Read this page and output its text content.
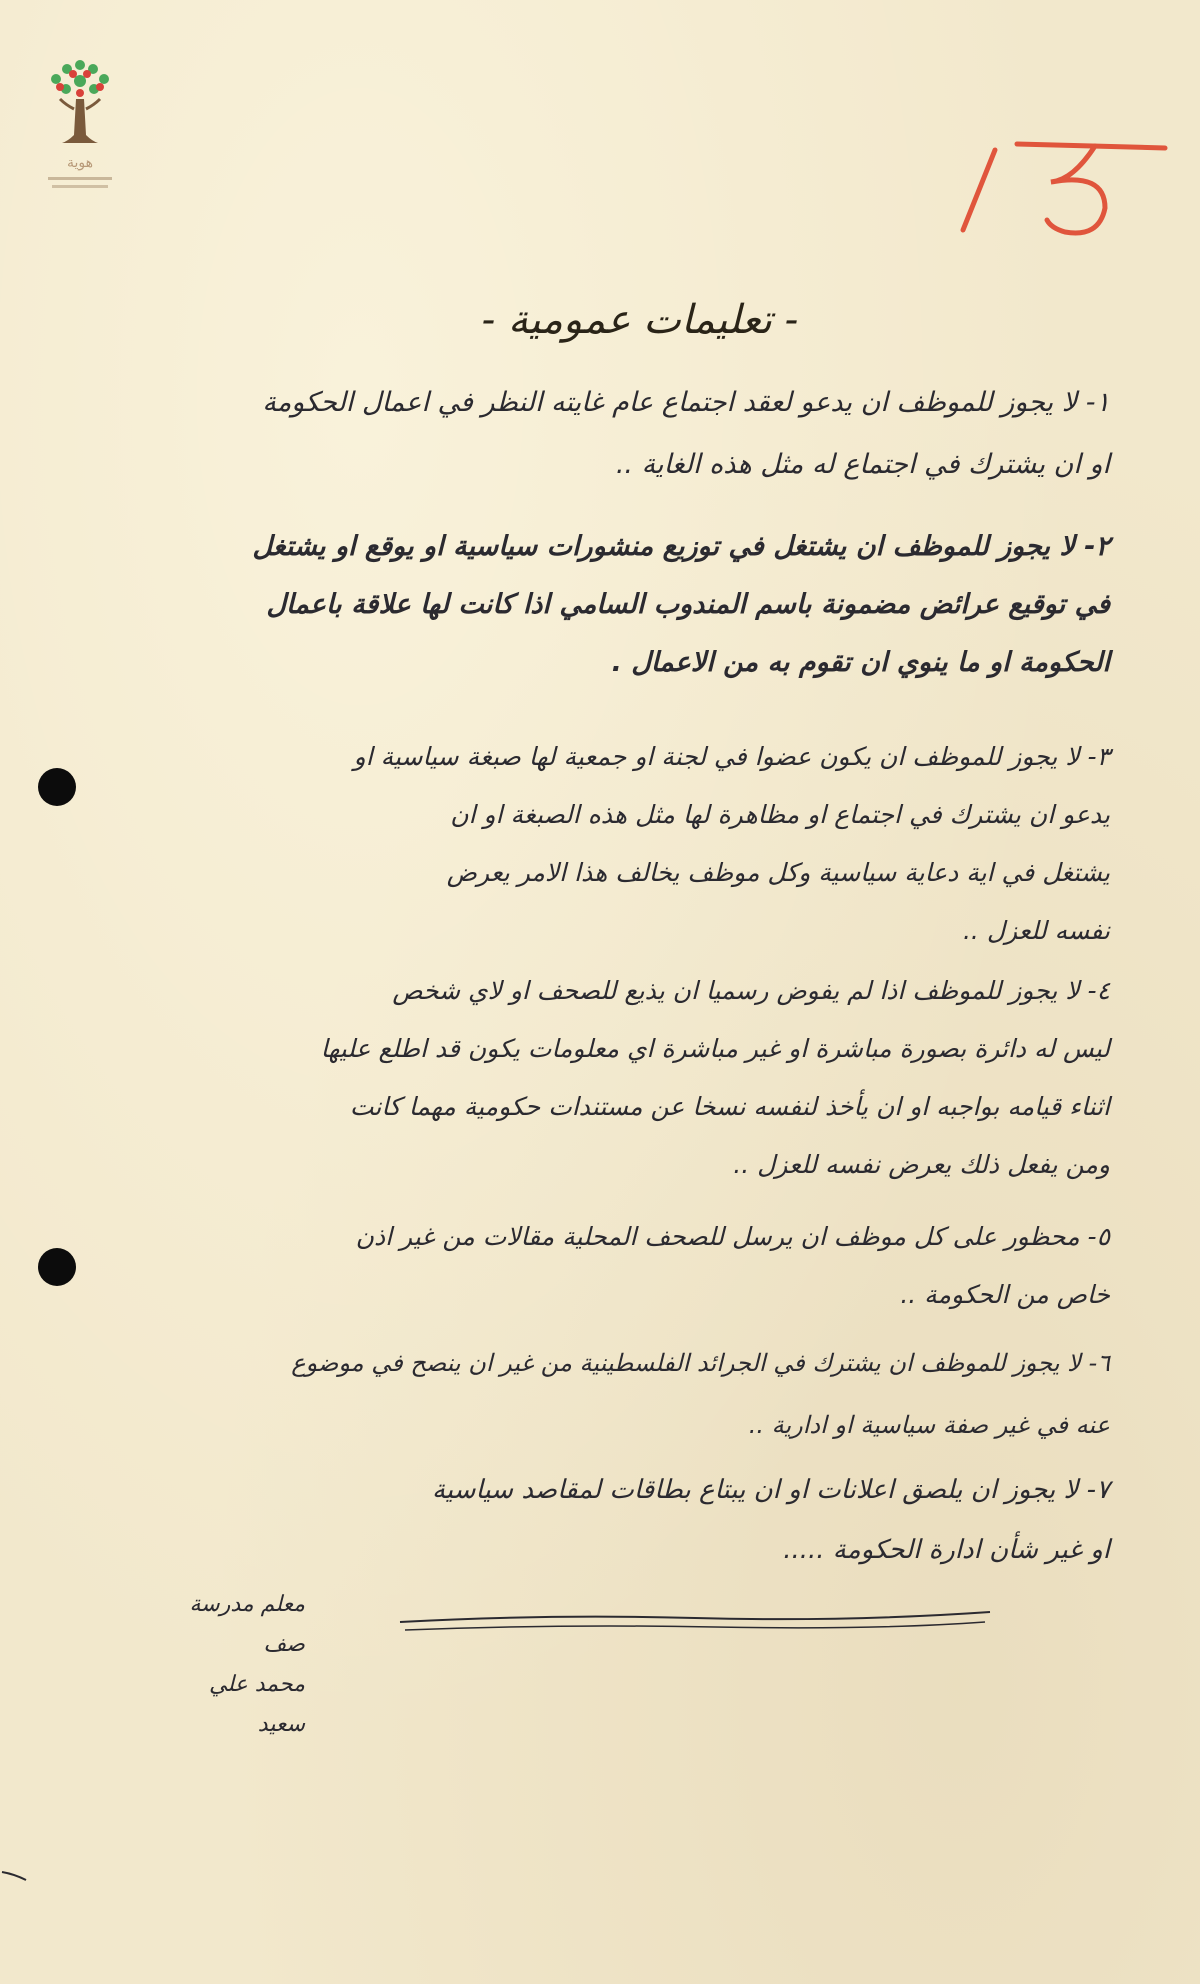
هوية
- تعليمات عمومية -
١- لا يجوز للموظف ان يدعو لعقد اجتماع عام غايته النظر في اعمال الحكومة
او ان يشترك في اجتماع له مثل هذه الغاية ..
٢- لا يجوز للموظف ان يشتغل في توزيع منشورات سياسية او يوقع او يشتغل
في توقيع عرائض مضمونة باسم المندوب السامي اذا كانت لها علاقة باعمال
الحكومة او ما ينوي ان تقوم به من الاعمال .
٣- لا يجوز للموظف ان يكون عضوا في لجنة او جمعية لها صبغة سياسية او
يدعو ان يشترك في اجتماع او مظاهرة لها مثل هذه الصبغة او ان
يشتغل في اية دعاية سياسية وكل موظف يخالف هذا الامر يعرض
نفسه للعزل ..
٤- لا يجوز للموظف اذا لم يفوض رسميا ان يذيع للصحف او لاي شخص
ليس له دائرة بصورة مباشرة او غير مباشرة اي معلومات يكون قد اطلع عليها
اثناء قيامه بواجبه او ان يأخذ لنفسه نسخا عن مستندات حكومية مهما كانت
ومن يفعل ذلك يعرض نفسه للعزل ..
٥- محظور على كل موظف ان يرسل للصحف المحلية مقالات من غير اذن
خاص من الحكومة ..
٦- لا يجوز للموظف ان يشترك في الجرائد الفلسطينية من غير ان ينصح في موضوع
عنه في غير صفة سياسية او ادارية ..
٧- لا يجوز ان يلصق اعلانات او ان يبتاع بطاقات لمقاصد سياسية
او غير شأن ادارة الحكومة .....
معلم مدرسة
صف
محمد علي
سعيد
